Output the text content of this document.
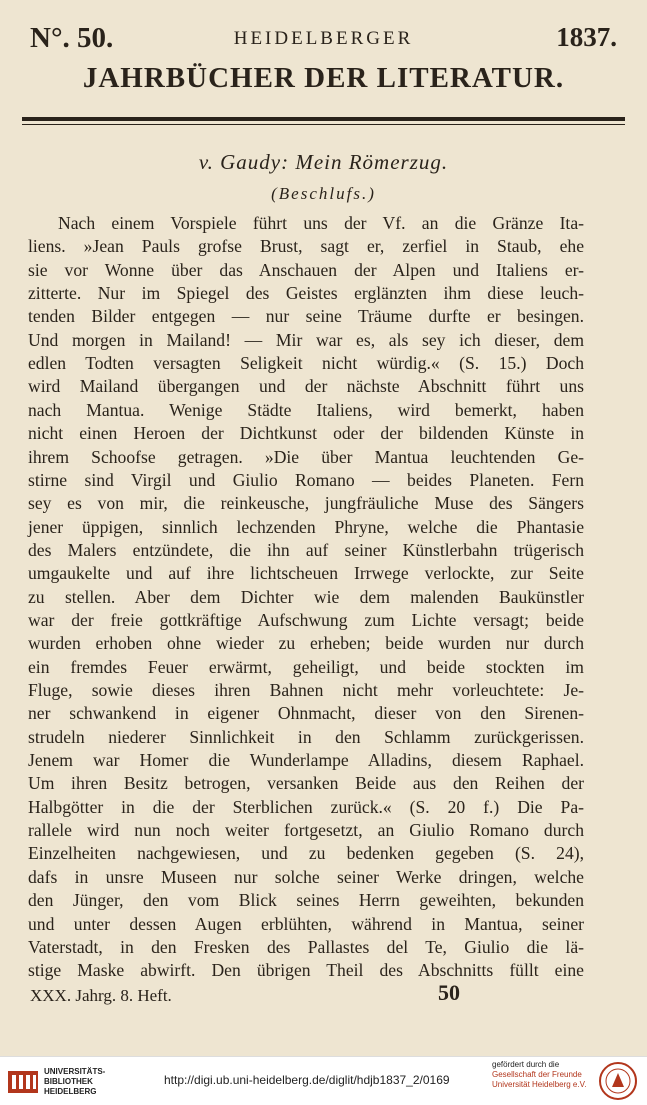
N°. 50.	HEIDELBERGER	1837.
JAHRBÜCHER DER LITERATUR.
v. Gaudy: Mein Römerzug.
(Beschlufs.)
Nach einem Vorspiele führt uns der Vf. an die Gränze Ita-
liens. »Jean Pauls grofse Brust, sagt er, zerfiel in Staub, ehe
sie vor Wonne über das Anschauen der Alpen und Italiens er-
zitterte. Nur im Spiegel des Geistes erglänzten ihm diese leuch-
tenden Bilder entgegen — nur seine Träume durfte er besingen.
Und morgen in Mailand! — Mir war es, als sey ich dieser, dem
edlen Todten versagten Seligkeit nicht würdig.« (S. 15.) Doch
wird Mailand übergangen und der nächste Abschnitt führt uns
nach Mantua. Wenige Städte Italiens, wird bemerkt, haben
nicht einen Heroen der Dichtkunst oder der bildenden Künste in
ihrem Schoofse getragen. »Die über Mantua leuchtenden Ge-
stirne sind Virgil und Giulio Romano — beides Planeten. Fern
sey es von mir, die reinkeusche, jungfräuliche Muse des Sängers
jener üppigen, sinnlich lechzenden Phryne, welche die Phantasie
des Malers entzündete, die ihn auf seiner Künstlerbahn trügerisch
umgaukelte und auf ihre lichtscheuen Irrwege verlockte, zur Seite
zu stellen. Aber dem Dichter wie dem malenden Baukünstler
war der freie gottkräftige Aufschwung zum Lichte versagt; beide
wurden erhoben ohne wieder zu erheben; beide wurden nur durch
ein fremdes Feuer erwärmt, geheiligt, und beide stockten im
Fluge, sowie dieses ihren Bahnen nicht mehr vorleuchtete: Je-
ner schwankend in eigener Ohnmacht, dieser von den Sirenen-
strudeln niederer Sinnlichkeit in den Schlamm zurückgerissen.
Jenem war Homer die Wunderlampe Alladins, diesem Raphael.
Um ihren Besitz betrogen, versanken Beide aus den Reihen der
Halbgötter in die der Sterblichen zurück.« (S. 20 f.) Die Pa-
rallele wird nun noch weiter fortgesetzt, an Giulio Romano durch
Einzelheiten nachgewiesen, und zu bedenken gegeben (S. 24),
dafs in unsre Museen nur solche seiner Werke dringen, welche
den Jünger, den vom Blick seines Herrn geweihten, bekunden
und unter dessen Augen erblühten, während in Mantua, seiner
Vaterstadt, in den Fresken des Pallastes del Te, Giulio die lä-
stige Maske abwirft. Den übrigen Theil des Abschnitts füllt eine
XXX. Jahrg. 8. Heft.	50
UNIVERSITÄTS-
BIBLIOTHEK
HEIDELBERG
http://digi.ub.uni-heidelberg.de/diglit/hdjb1837_2/0169
gefördert durch die
Gesellschaft der Freunde
Universität Heidelberg e.V.
